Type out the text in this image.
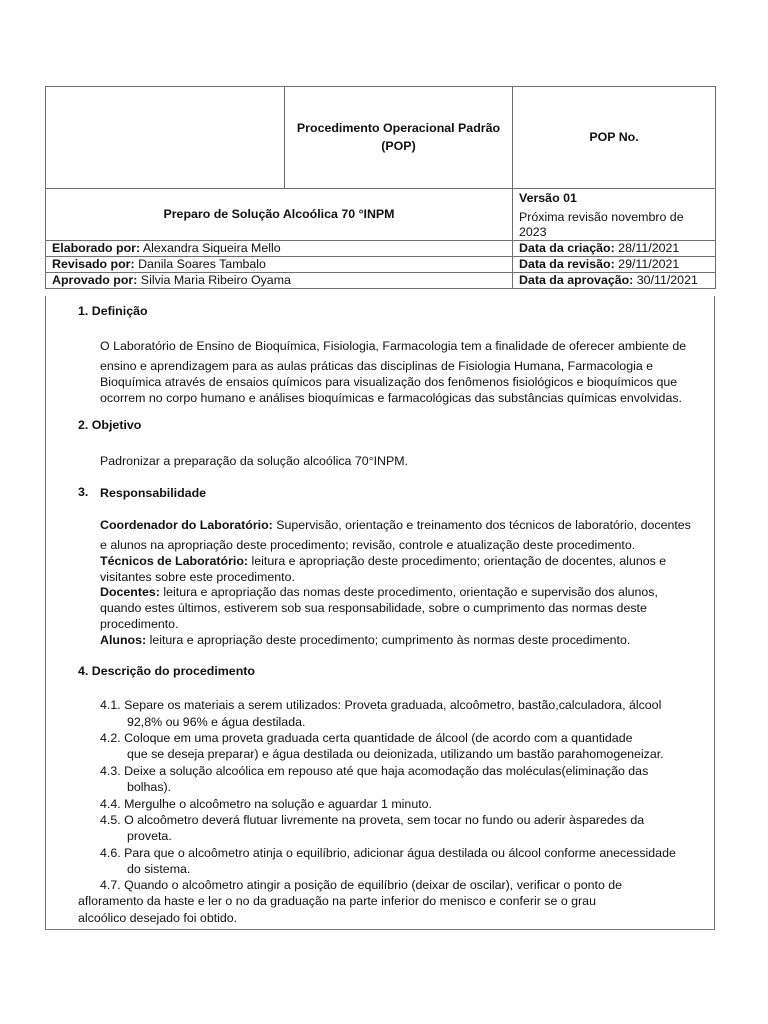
	Procedimento Operacional Padrão
(POP)	POP No.
Preparo de Solução Alcoólica 70 °INPM		Versão 01
Próxima revisão novembro de
2023

Elaborado por: Alexandra Siqueira Mello		Data da criação: 28/11/2021
Revisado por: Danila Soares Tambalo		Data da revisão: 29/11/2021
Aprovado por: Silvia Maria Ribeiro Oyama		Data da aprovação: 30/11/2021
1. Definição
O Laboratório de Ensino de Bioquímica, Fisiologia, Farmacologia tem a finalidade de oferecer ambiente de
ensino e aprendizagem para as aulas práticas das disciplinas de Fisiologia Humana, Farmacologia e
Bioquímica através de ensaios químicos para visualização dos fenômenos fisiológicos e bioquímicos que
ocorrem no corpo humano e análises bioquímicas e farmacológicas das substâncias químicas envolvidas.
2. Objetivo
Padronizar a preparação da solução alcoólica 70°INPM.
3. Responsabilidade
Coordenador do Laboratório: Supervisão, orientação e treinamento dos técnicos de laboratório, docentes
e alunos na apropriação deste procedimento; revisão, controle e atualização deste procedimento.
Técnicos de Laboratório: leitura e apropriação deste procedimento; orientação de docentes, alunos e
visitantes sobre este procedimento.
Docentes: leitura e apropriação das nomas deste procedimento, orientação e supervisão dos alunos,
quando estes últimos, estiverem sob sua responsabilidade, sobre o cumprimento das normas deste
procedimento.
Alunos: leitura e apropriação deste procedimento; cumprimento às normas deste procedimento.
4. Descrição do procedimento
4.1. Separe os materiais a serem utilizados: Proveta graduada, alcoômetro, bastão,calculadora, álcool
92,8% ou 96% e água destilada.
4.2. Coloque em uma proveta graduada certa quantidade de álcool (de acordo com a quantidade
que se deseja preparar) e água destilada ou deionizada, utilizando um bastão parahomogeneizar.
4.3. Deixe a solução alcoólica em repouso até que haja acomodação das moléculas(eliminação das
bolhas).
4.4. Mergulhe o alcoômetro na solução e aguardar 1 minuto.
4.5. O alcoômetro deverá flutuar livremente na proveta, sem tocar no fundo ou aderir àsparedes da
proveta.
4.6. Para que o alcoômetro atinja o equilíbrio, adicionar água destilada ou álcool conforme anecessidade
do sistema.
4.7. Quando o alcoômetro atingir a posição de equilíbrio (deixar de oscilar), verificar o ponto de
afloramento da haste e ler o no da graduação na parte inferior do menisco e conferir se o grau
alcoólico desejado foi obtido.
